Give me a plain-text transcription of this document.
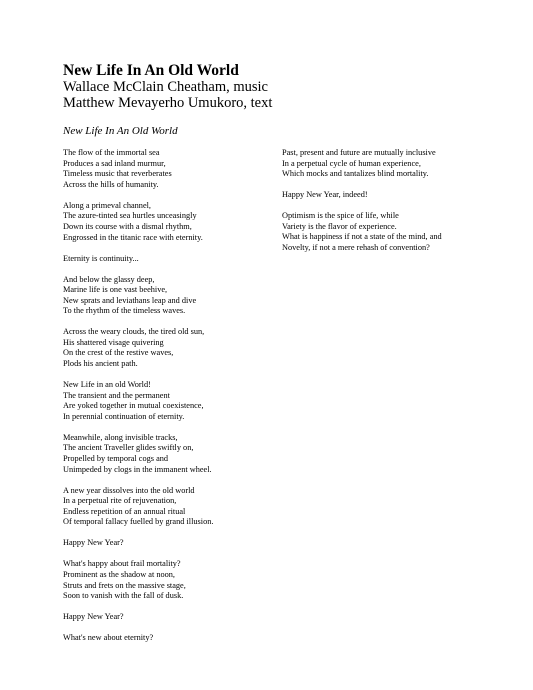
New Life In An Old World

Wallace McClain Cheatham, music

Matthew Mevayerho Umukoro, text

New Life In An Old World

The flow of the immortal sea
Produces a sad inland murmur,
Timeless music that reverberates
Across the hills of humanity.

Along a primeval channel,
The azure-tinted sea hurtles unceasingly
Down its course with a dismal rhythm,
Engrossed in the titanic race with eternity.

Eternity is continuity...

And below the glassy deep,
Marine life is one vast beehive,
New sprats and leviathans leap and dive
To the rhythm of the timeless waves.

Across the weary clouds, the tired old sun,
His shattered visage quivering
On the crest of the restive waves,
Plods his ancient path.

New Life in an old World!
The transient and the permanent
Are yoked together in mutual coexistence,
In perennial continuation of eternity.

Meanwhile, along invisible tracks,
The ancient Traveller glides swiftly on,
Propelled by temporal cogs and
Unimpeded by clogs in the immanent wheel.

A new year dissolves into the old world
In a perpetual rite of rejuvenation,
Endless repetition of an annual ritual
Of temporal fallacy fuelled by grand illusion.

Happy New Year?

What's happy about frail mortality?
Prominent as the shadow at noon,
Struts and frets on the massive stage,
Soon to vanish with the fall of dusk.

Happy New Year?

What's new about eternity?

Past, present and future are mutually inclusive
In a perpetual cycle of human experience,
Which mocks and tantalizes blind mortality.

Happy New Year, indeed!

Optimism is the spice of life, while
Variety is the flavor of experience.
What is happiness if not a state of the mind, and
Novelty, if not a mere rehash of convention?
